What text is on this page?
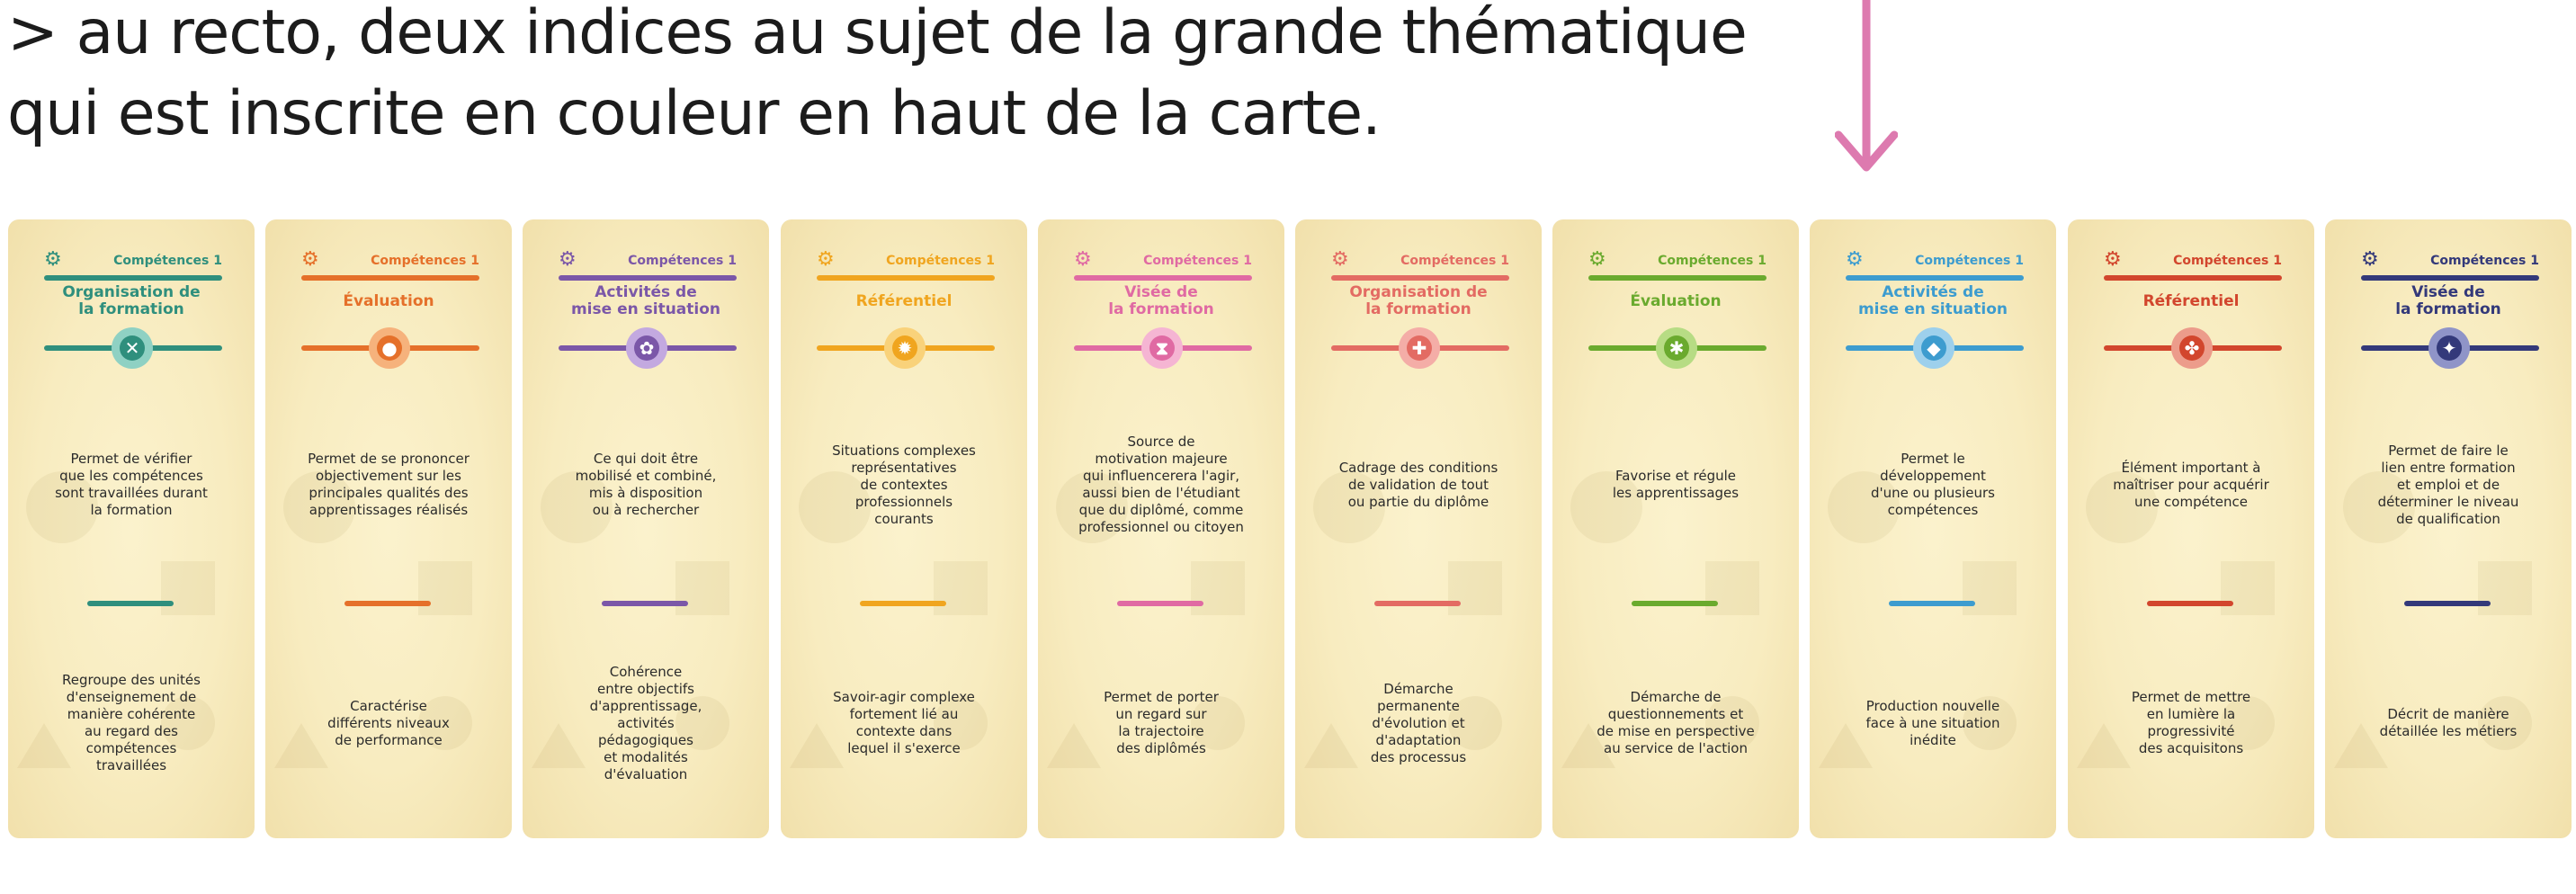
> au recto, deux indices au sujet de la grande thématique
qui est inscrite en couleur en haut de la carte.
⚙	Compétences 1
Organisation de
la formation
✕
Permet de vérifier
que les compétences
sont travaillées durant
la formation
Regroupe des unités
d'enseignement de
manière cohérente
au regard des
compétences
travaillées
⚙	Compétences 1
Évaluation
●
Permet de se prononcer
objectivement sur les
principales qualités des
apprentissages réalisés
Caractérise
différents niveaux
de performance
⚙	Compétences 1
Activités de
mise en situation
✿
Ce qui doit être
mobilisé et combiné,
mis à disposition
ou à rechercher
Cohérence
entre objectifs
d'apprentissage,
activités
pédagogiques
et modalités
d'évaluation
⚙	Compétences 1
Référentiel
✹
Situations complexes
représentatives
de contextes
professionnels
courants
Savoir-agir complexe
fortement lié au
contexte dans
lequel il s'exerce
⚙	Compétences 1
Visée de
la formation
⧗
Source de
motivation majeure
qui influencerera l'agir,
aussi bien de l'étudiant
que du diplômé, comme
professionnel ou citoyen
Permet de porter
un regard sur
la trajectoire
des diplômés
⚙	Compétences 1
Organisation de
la formation
✚
Cadrage des conditions
de validation de tout
ou partie du diplôme
Démarche
permanente
d'évolution et
d'adaptation
des processus
⚙	Compétences 1
Évaluation
✱
Favorise et régule
les apprentissages
Démarche de
questionnements et
de mise en perspective
au service de l'action
⚙	Compétences 1
Activités de
mise en situation
◆
Permet le
développement
d'une ou plusieurs
compétences
Production nouvelle
face à une situation
inédite
⚙	Compétences 1
Référentiel
✤
Élément important à
maîtriser pour acquérir
une compétence
Permet de mettre
en lumière la
progressivité
des acquisitons
⚙	Compétences 1
Visée de
la formation
✦
Permet de faire le
lien entre formation
et emploi et de
déterminer le niveau
de qualification
Décrit de manière
détaillée les métiers
